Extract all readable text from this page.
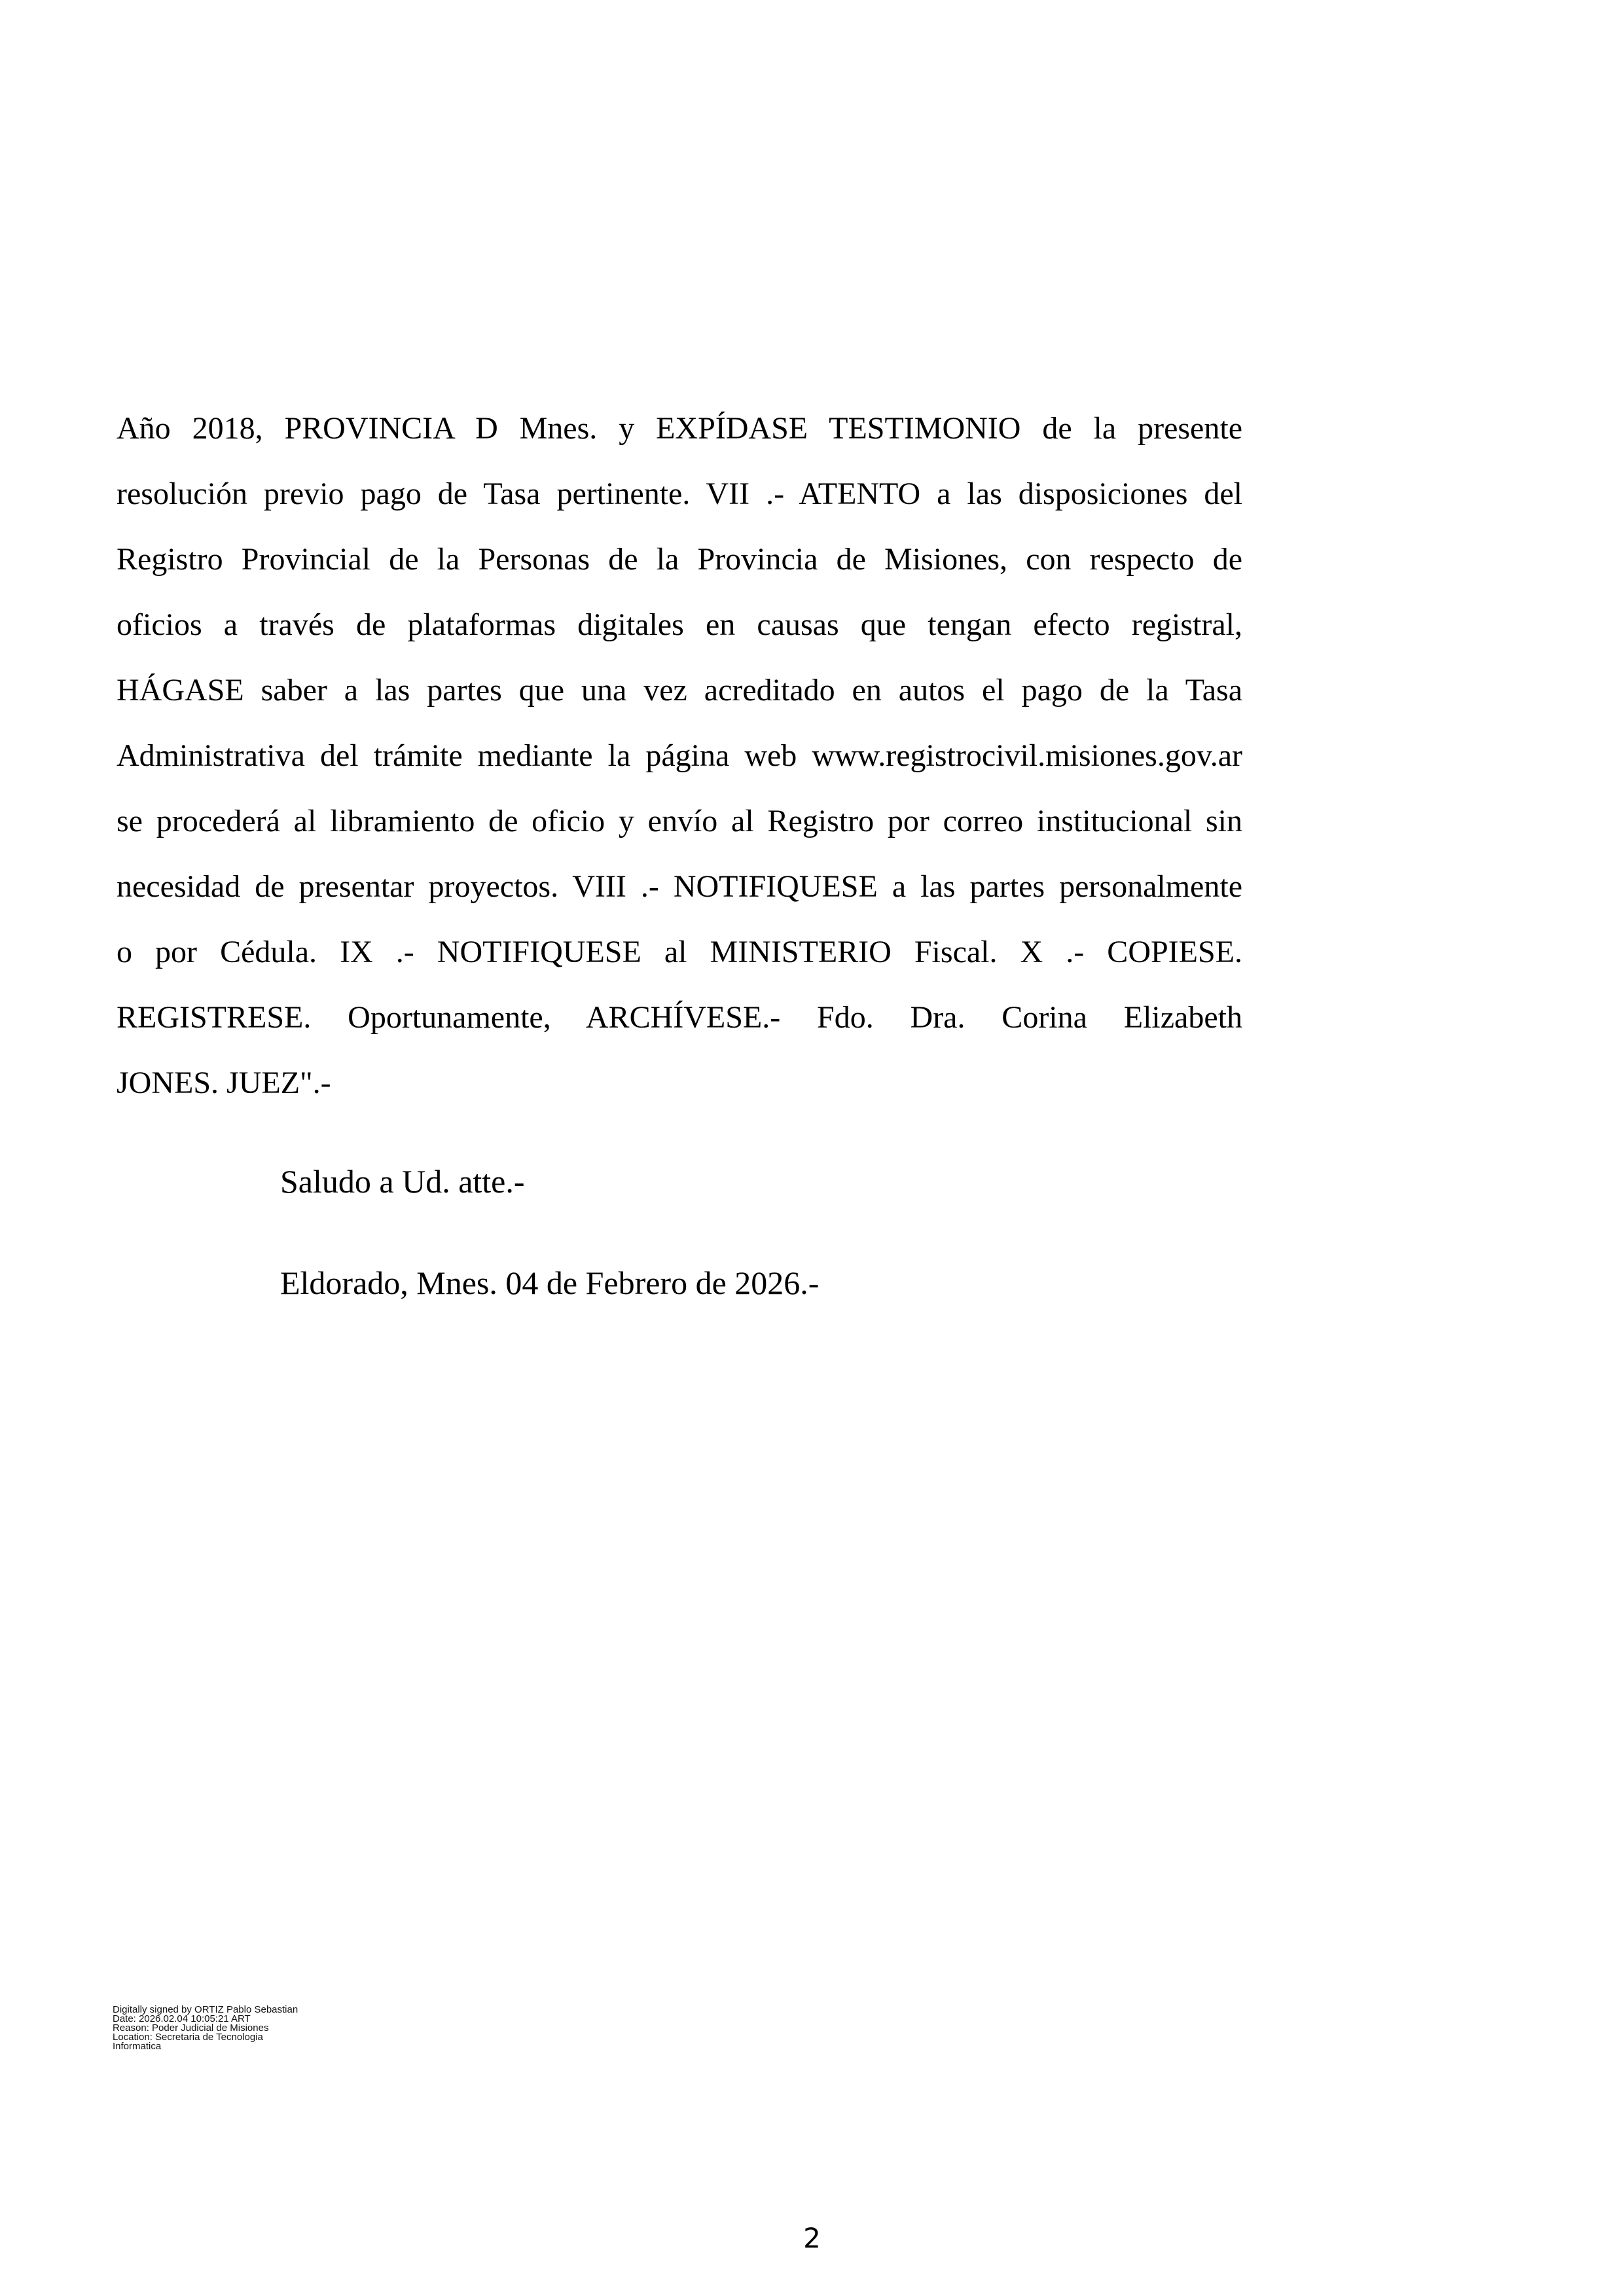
Año 2018, PROVINCIA D Mnes. y EXPÍDASE TESTIMONIO de la presente
resolución previo pago de Tasa pertinente. VII .- ATENTO a las disposiciones del
Registro Provincial de la Personas de la Provincia de Misiones, con respecto de
oficios a través de plataformas digitales en causas que tengan efecto registral,
HÁGASE saber a las partes que una vez acreditado en autos el pago de la Tasa
Administrativa del trámite mediante la página web www.registrocivil.misiones.gov.ar
se procederá al libramiento de oficio y envío al Registro por correo institucional sin
necesidad de presentar proyectos. VIII .- NOTIFIQUESE a las partes personalmente
o por Cédula. IX .- NOTIFIQUESE al MINISTERIO Fiscal. X .- COPIESE.
REGISTRESE. Oportunamente, ARCHÍVESE.- Fdo. Dra. Corina Elizabeth
JONES. JUEZ".-
Saludo a Ud. atte.-
Eldorado, Mnes. 04 de Febrero de 2026.-
Digitally signed by ORTIZ Pablo Sebastian
Date: 2026.02.04 10:05:21 ART
Reason: Poder Judicial de Misiones
Location: Secretaria de Tecnologia
Informatica
2
